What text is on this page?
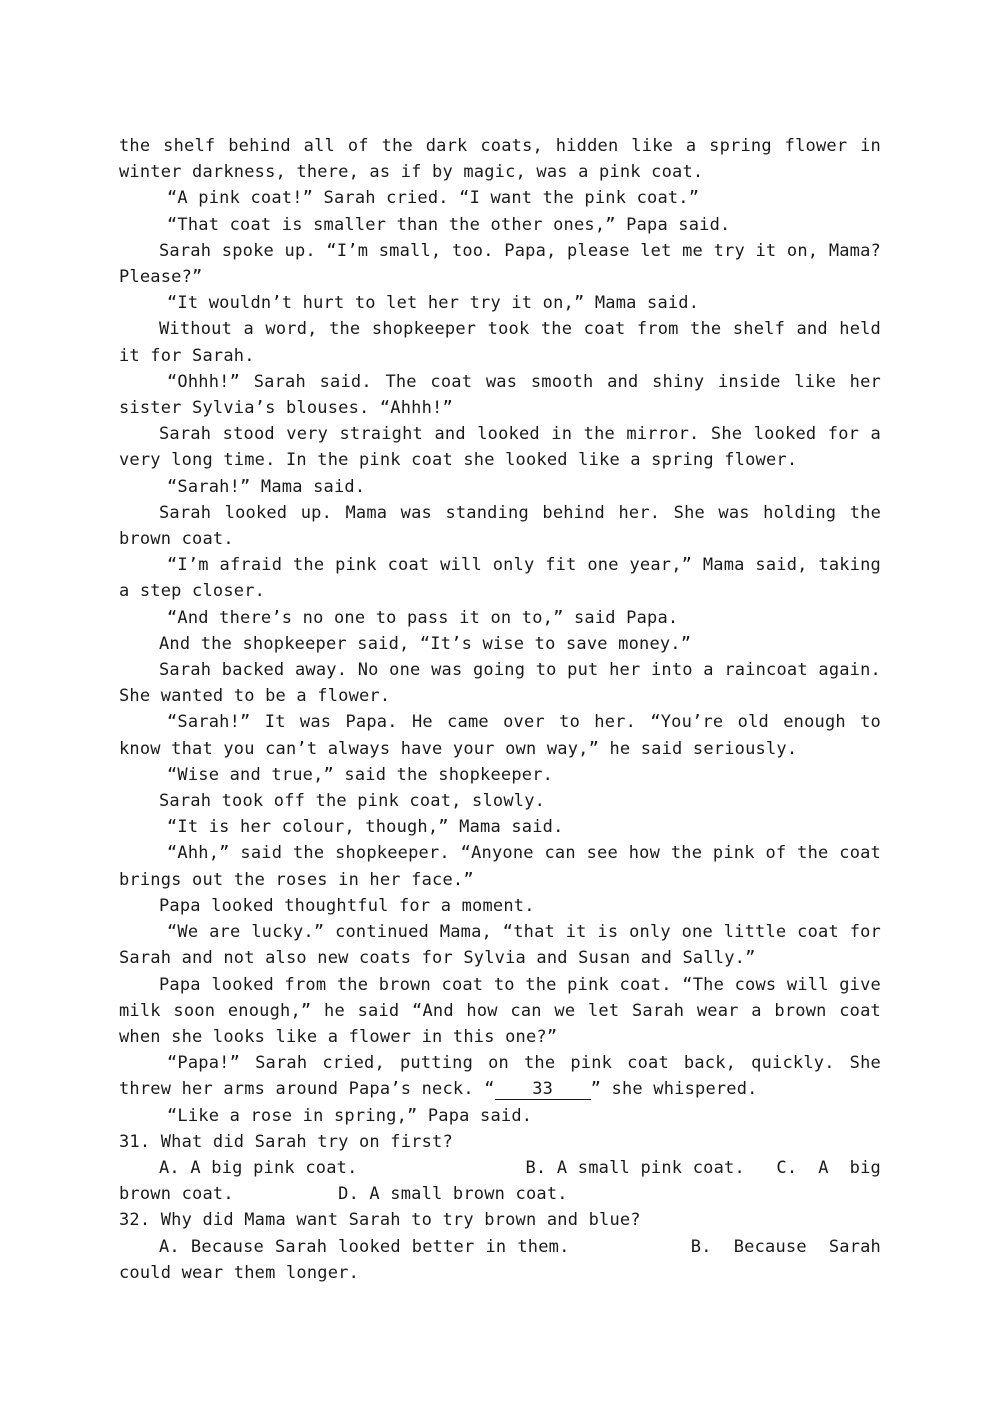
the shelf behind all of the dark coats, hidden like a spring flower in winter darkness, there, as if by magic, was a pink coat.

“A pink coat!” Sarah cried. “I want the pink coat.”

“That coat is smaller than the other ones,” Papa said.

Sarah spoke up. “I’m small, too. Papa, please let me try it on, Mama? Please?”

“It wouldn’t hurt to let her try it on,” Mama said.

Without a word, the shopkeeper took the coat from the shelf and held it for Sarah.

“Ohhh!” Sarah said. The coat was smooth and shiny inside like her sister Sylvia’s blouses. “Ahhh!”

Sarah stood very straight and looked in the mirror. She looked for a very long time. In the pink coat she looked like a spring flower.

“Sarah!” Mama said.

Sarah looked up. Mama was standing behind her. She was holding the brown coat.

“I’m afraid the pink coat will only fit one year,” Mama said, taking a step closer.

“And there’s no one to pass it on to,” said Papa.

And the shopkeeper said, “It’s wise to save money.”

Sarah backed away. No one was going to put her into a raincoat again. She wanted to be a flower.

“Sarah!” It was Papa. He came over to her. “You’re old enough to know that you can’t always have your own way,” he said seriously.

“Wise and true,” said the shopkeeper.

Sarah took off the pink coat, slowly.

“It is her colour, though,” Mama said.

“Ahh,” said the shopkeeper. “Anyone can see how the pink of the coat brings out the roses in her face.”

Papa looked thoughtful for a moment.

“We are lucky.” continued Mama, “that it is only one little coat for Sarah and not also new coats for Sylvia and Susan and Sally.”

Papa looked from the brown coat to the pink coat. “The cows will give milk soon enough,” he said “And how can we let Sarah wear a brown coat when she looks like a flower in this one?”

“Papa!” Sarah cried, putting on the pink coat back, quickly. She threw her arms around Papa’s neck. “ 33 ” she whispered.

“Like a rose in spring,” Papa said.

31. What did Sarah try on first?

A. A big pink coat.                B. A small pink coat.   C.  A  big brown coat.          D. A small brown coat.

32. Why did Mama want Sarah to try brown and blue?

A. Because Sarah looked better in them.           B.  Because  Sarah could wear them longer.
